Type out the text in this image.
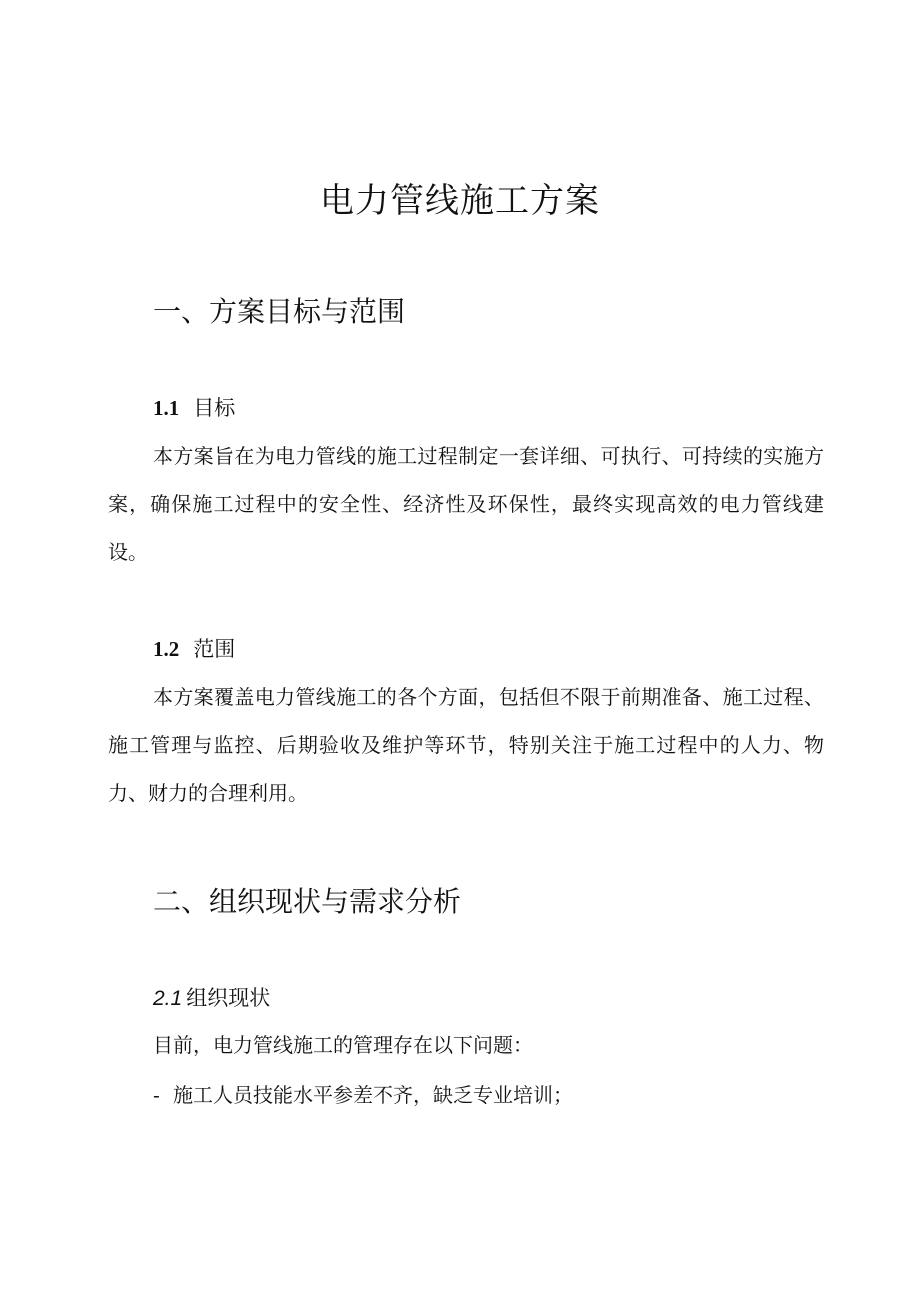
电力管线施工方案
一、方案目标与范围
1.1 目标

本方案旨在为电力管线的施工过程制定一套详细、可执行、可持续的实施方案，确保施工过程中的安全性、经济性及环保性，最终实现高效的电力管线建设。

1.2 范围

本方案覆盖电力管线施工的各个方面，包括但不限于前期准备、施工过程、施工管理与监控、后期验收及维护等环节，特别关注于施工过程中的人力、物力、财力的合理利用。

二、组织现状与需求分析
2.1 组织现状

目前，电力管线施工的管理存在以下问题：

- 施工人员技能水平参差不齐，缺乏专业培训；
